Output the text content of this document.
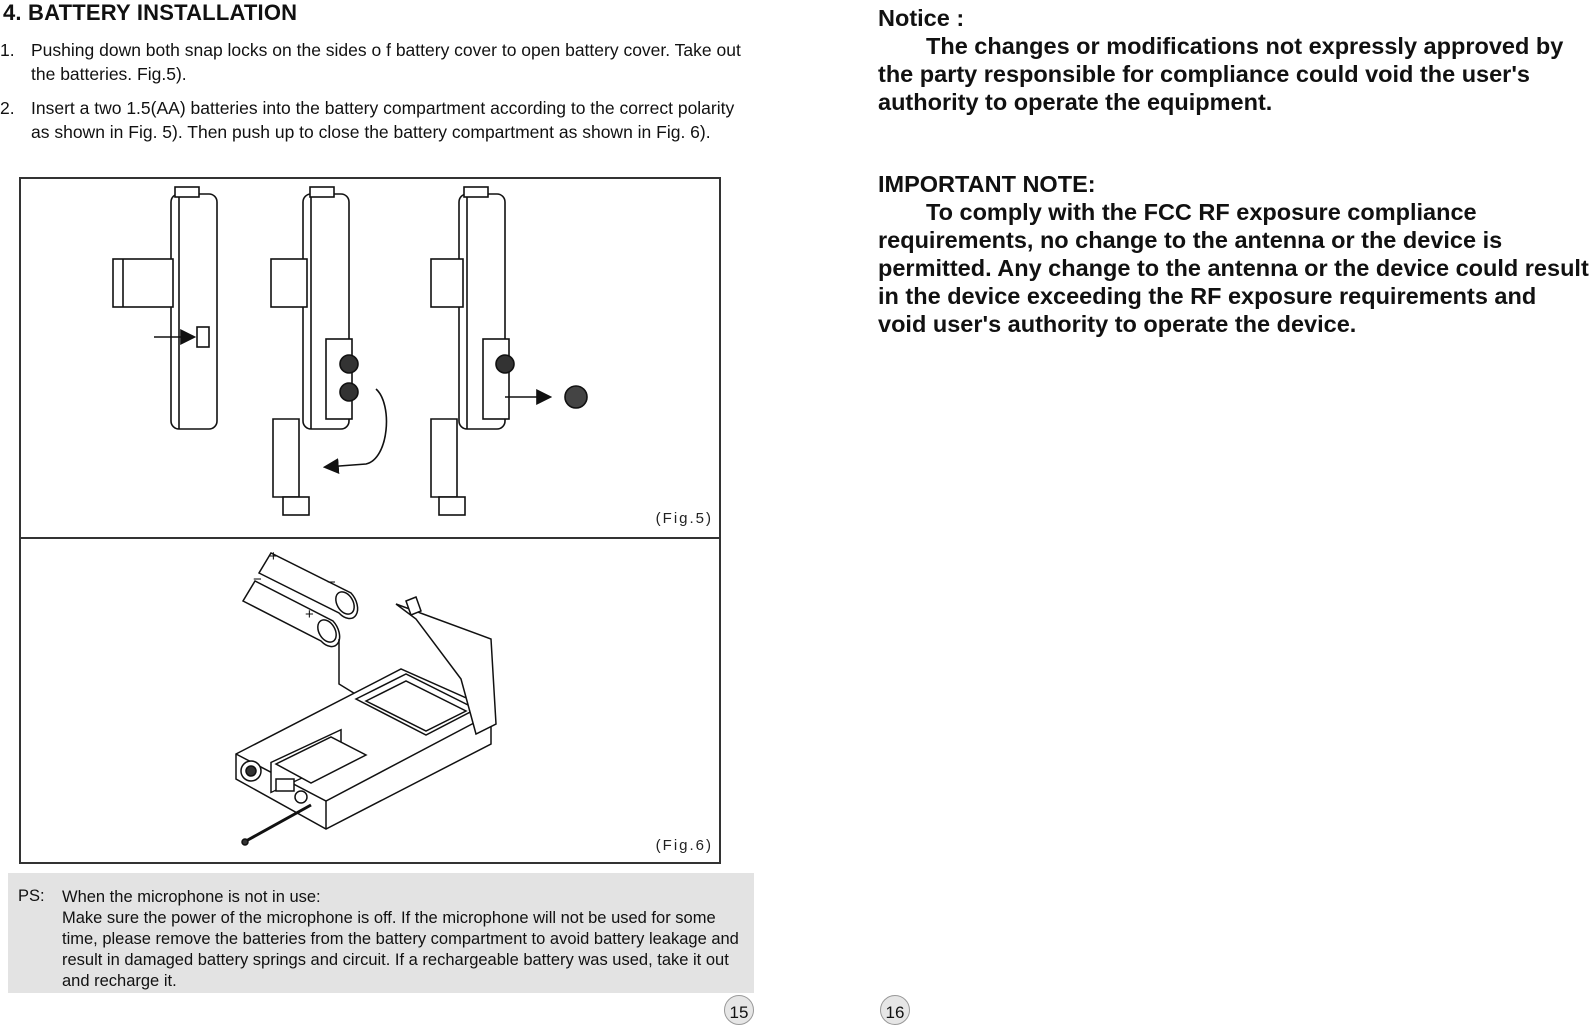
4. BATTERY INSTALLATION
1. Pushing down both snap locks on the sides o f battery cover to open battery cover. Take out the batteries. Fig.5).
2. Insert a two 1.5(AA) batteries into the battery compartment according to the correct polarity as shown in Fig. 5). Then push up to close the battery compartment as shown in Fig. 6).
(Fig.5)
+
−
−
+
(Fig.6)
PS: When the microphone is not in use:
Make sure the power of the microphone is off. If the microphone will not be used for some time, please remove the batteries from the battery compartment to avoid battery leakage and result in damaged battery springs and circuit. If a rechargeable battery was used, take it out and recharge it.
15
Notice :
The changes or modifications not expressly approved by the party responsible for compliance could void the user's authority to operate the equipment.
IMPORTANT NOTE:
To comply with the FCC RF exposure compliance requirements, no change to the antenna or the device is permitted. Any change to the antenna or the device could result in the device exceeding the RF exposure requirements and void user's authority to operate the device.
16
